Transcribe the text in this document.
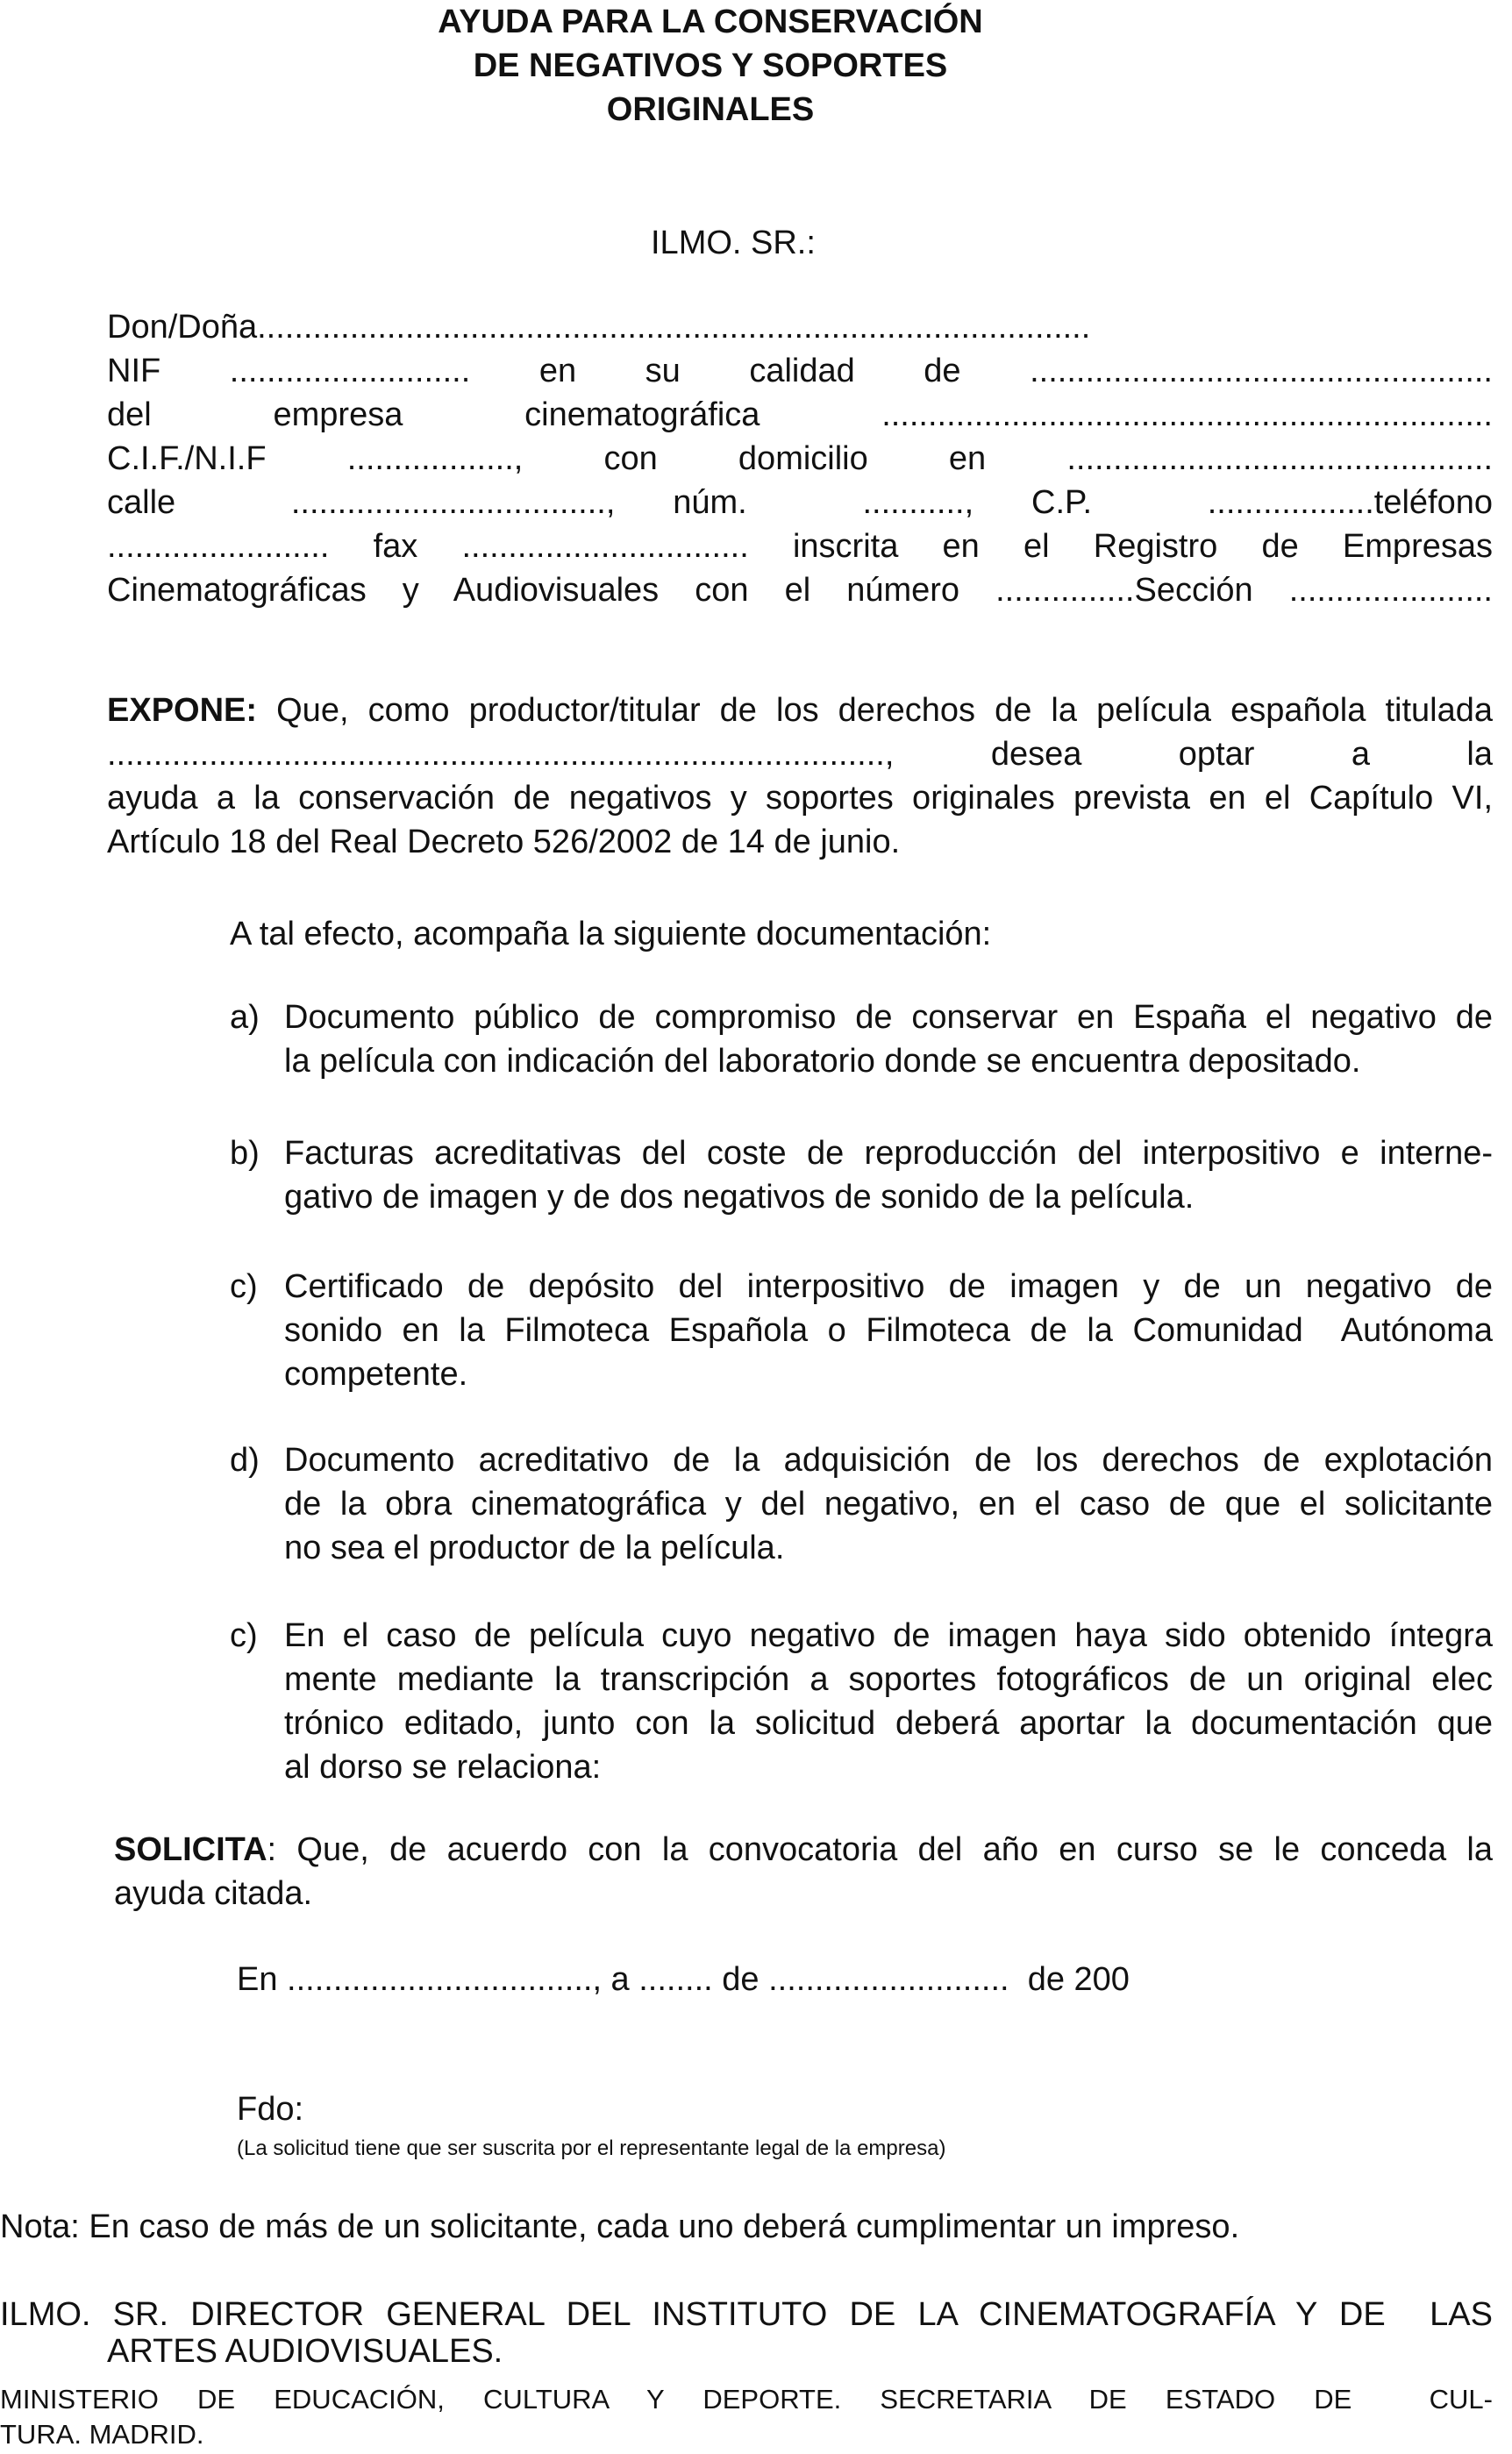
AYUDA PARA LA CONSERVACIÓN
DE NEGATIVOS Y SOPORTES
ORIGINALES
ILMO. SR.:
Don/Doña..........................................................................................
NIF .......................... en su calidad de ..................................................
del empresa cinematográfica ..................................................................
C.I.F./N.I.F .................., con domicilio en ..............................................
calle  .................................., núm.  ..........., C.P.  ..................teléfono
........................ fax ............................... inscrita en el Registro de Empresas
Cinematográficas y Audiovisuales con el número ...............Sección ......................
EXPONE: Que, como productor/titular de los derechos de la película española titulada
...................................................................................., desea optar a la
ayuda a la conservación de negativos y soportes originales prevista en el Capítulo VI,
Artículo 18 del Real Decreto 526/2002 de 14 de junio.
A tal efecto, acompaña la siguiente documentación:
a) Documento público de compromiso de conservar en España el negativo de
la película con indicación del laboratorio donde se encuentra depositado.
b) Facturas acreditativas del coste de reproducción del interpositivo e interne-
gativo de imagen y de dos negativos de sonido de la película.
c) Certificado de depósito del interpositivo de imagen y de un negativo de
sonido en la Filmoteca Española o Filmoteca de la Comunidad  Autónoma
competente.
d) Documento acreditativo de la adquisición de los derechos de explotación
de la obra cinematográfica y del negativo, en el caso de que el solicitante
no sea el productor de la película.
c) En el caso de película cuyo negativo de imagen haya sido obtenido íntegra
mente mediante la transcripción a soportes fotográficos de un original elec
trónico editado, junto con la solicitud deberá aportar la documentación que
al dorso se relaciona:
SOLICITA: Que, de acuerdo con la convocatoria del año en curso se le conceda la
ayuda citada.
En ................................., a ........ de ..........................  de 200
Fdo:
(La solicitud tiene que ser suscrita por el representante legal de la empresa)
Nota: En caso de más de un solicitante, cada uno deberá cumplimentar un impreso.
ILMO. SR. DIRECTOR GENERAL DEL INSTITUTO DE LA CINEMATOGRAFÍA Y DE  LAS
ARTES AUDIOVISUALES.
MINISTERIO DE EDUCACIÓN, CULTURA Y DEPORTE. SECRETARIA DE ESTADO DE  CUL-
TURA. MADRID.
